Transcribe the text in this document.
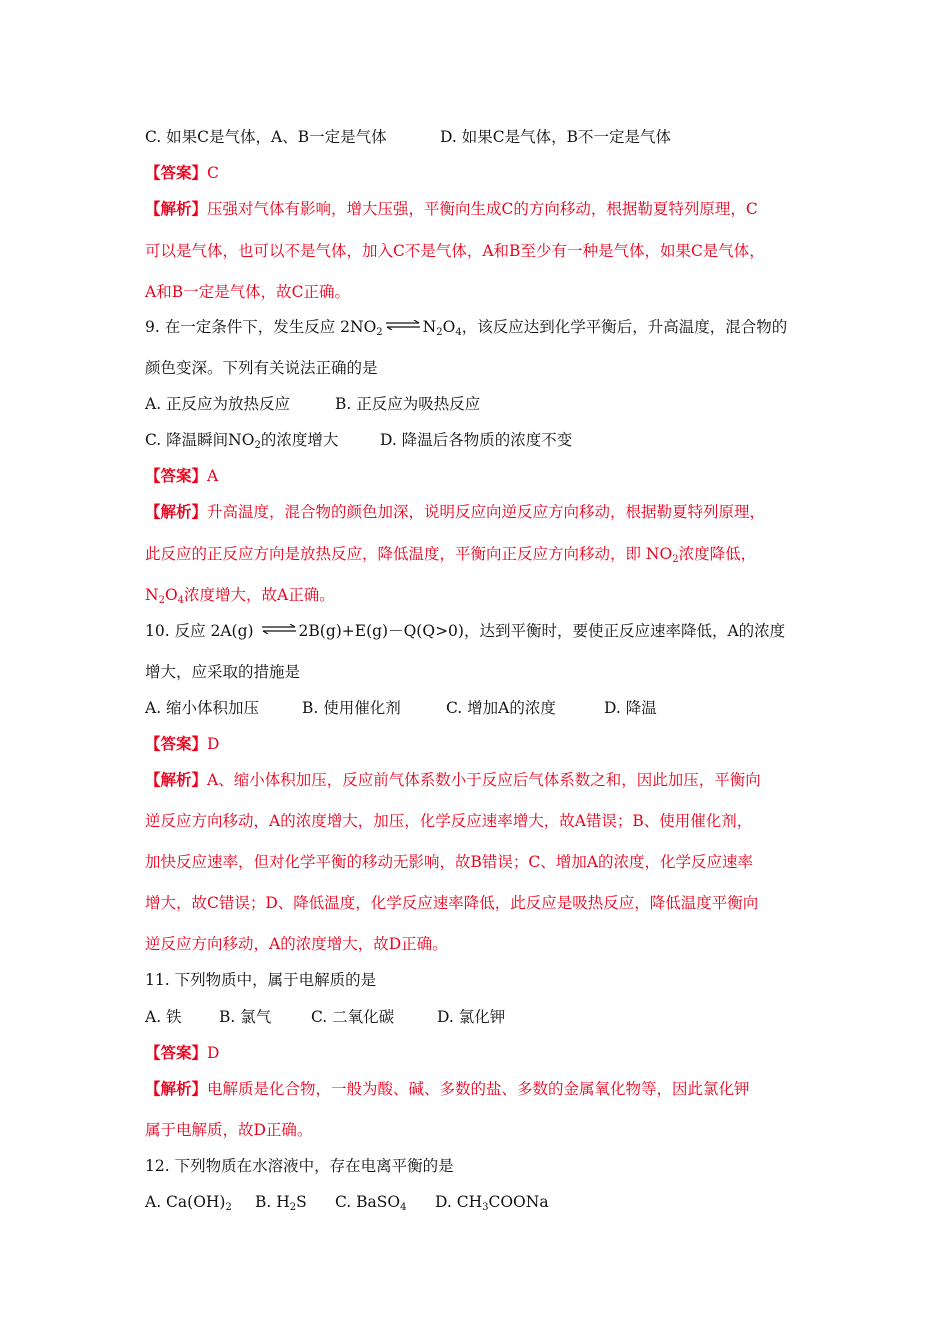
C. 如果C是气体，A、B一定是气体	D. 如果C是气体，B不一定是气体
【答案】C
【解析】压强对气体有影响，增大压强，平衡向生成C的方向移动，根据勒夏特列原理，C
可以是气体，也可以不是气体，加入C不是气体，A和B至少有一种是气体，如果C是气体，
A和B一定是气体，故C正确。
9. 在一定条件下，发生反应 $2NO_2$ ⇌ $N_2O_4$，该反应达到化学平衡后，升高温度，混合物的
颜色变深。下列有关说法正确的是
A. 正反应为放热反应	B. 正反应为吸热反应
C. 降温瞬间$NO_2$的浓度增大	D. 降温后各物质的浓度不变
【答案】A
【解析】升高温度，混合物的颜色加深，说明反应向逆反应方向移动，根据勒夏特列原理，
此反应的正反应方向是放热反应，降低温度，平衡向正反应方向移动，即 $NO_2$浓度降低，
$N_2O_4$浓度增大，故A正确。
10. 反应 2A(g) ⇌ 2B(g)+E(g)－Q(Q>0)，达到平衡时，要使正反应速率降低，A的浓度
增大，应采取的措施是
A. 缩小体积加压	B. 使用催化剂	C. 增加A的浓度	D. 降温
【答案】D
【解析】A、缩小体积加压，反应前气体系数小于反应后气体系数之和，因此加压，平衡向
逆反应方向移动，A的浓度增大，加压，化学反应速率增大，故A错误；B、使用催化剂，
加快反应速率，但对化学平衡的移动无影响，故B错误；C、增加A的浓度，化学反应速率
增大，故C错误；D、降低温度，化学反应速率降低，此反应是吸热反应，降低温度平衡向
逆反应方向移动，A的浓度增大，故D正确。
11. 下列物质中，属于电解质的是
A. 铁 B. 氯气	C. 二氧化碳	D. 氯化钾
【答案】D
【解析】电解质是化合物，一般为酸、碱、多数的盐、多数的金属氧化物等，因此氯化钾
属于电解质，故D正确。
12. 下列物质在水溶液中，存在电离平衡的是
A. $Ca(OH)_2$ B. $H_2S$ C. BaSO$_4$ D. $CH_3COONa$
